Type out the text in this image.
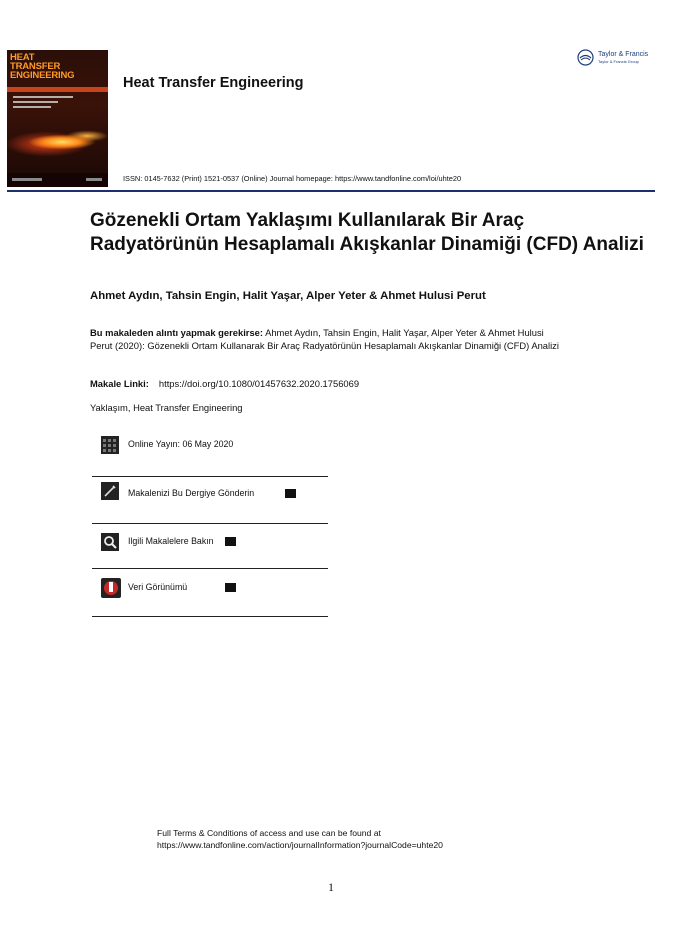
HEAT
TRANSFER
ENGINEERING	Heat Transfer Engineering
Taylor & Francis
Taylor & Francis Group
ISSN: 0145-7632 (Print) 1521-0537 (Online) Journal homepage: https://www.tandfonline.com/loi/uhte20
Gözenekli Ortam Yaklaşımı Kullanılarak Bir Araç
Radyatörünün Hesaplamalı Akışkanlar Dinamiği (CFD) Analizi
Ahmet Aydın, Tahsin Engin, Halit Yaşar, Alper Yeter & Ahmet Hulusi Perut
Bu makaleden alıntı yapmak gerekirse: Ahmet Aydın, Tahsin Engin, Halit Yaşar, Alper Yeter & Ahmet Hulusi
Perut (2020): Gözenekli Ortam Kullanarak Bir Araç Radyatörünün Hesaplamalı Akışkanlar Dinamiği (CFD) Analizi
Makale Linki: https://doi.org/10.1080/01457632.2020.1756069
Yaklaşım, Heat Transfer Engineering
Online Yayın: 06 May 2020
Makalenizi Bu Dergiye Gönderin
Ilgili Makalelere Bakın
Veri Görünümü
Full Terms & Conditions of access and use can be found at
https://www.tandfonline.com/action/journalInformation?journalCode=uhte20
1
